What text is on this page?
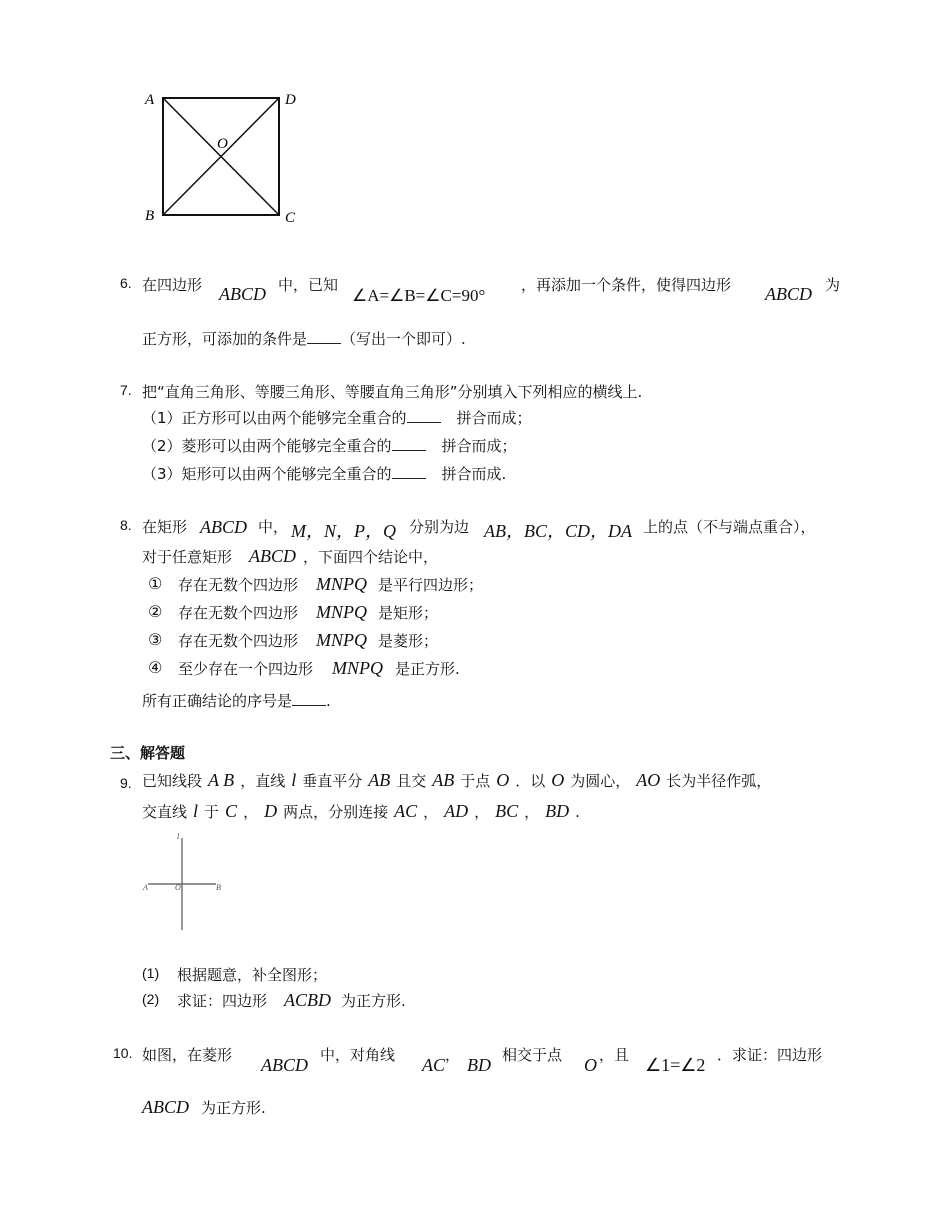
A	D
B	C
O
6. 在四边形 ABCD 中，已知
∠A=∠B=∠C=90°
，再添加一个条件，使得四边形 ABCD 为
正方形，可添加的条件是 （写出一个即可）.
7. 把“直角三角形、等腰三角形、等腰直角三角形”分别填入下列相应的横线上.
（1）正方形可以由两个能够完全重合的	拼合而成；
（2）菱形可以由两个能够完全重合的	拼合而成；
（3）矩形可以由两个能够完全重合的	拼合而成.
8. 在矩形 ABCD 中， M，N，P，Q 分别为边 AB，BC，CD，DA 上的点（不与端点重合），
对于任意矩形 ABCD ，下面四个结论中，
① 存在无数个四边形 MNPQ 是平行四边形；
② 存在无数个四边形 MNPQ 是矩形；
③ 存在无数个四边形 MNPQ 是菱形；
④ 至少存在一个四边形 MNPQ 是正方形.
所有正确结论的序号是 .
三、解答题
9. 已知线段 A B ，直线 l 垂直平分 AB 且交 AB 于点 O ．以 O 为圆心， AO 长为半径作弧，
交直线 l 于 C ， D 两点，分别连接 AC ， AD ， BC ， BD .
l
A	O	B
(1) 根据题意，补全图形；
(2) 求证：四边形 ACBD 为正方形.
10. 如图，在菱形 ABCD 中，对角线 AC ， BD 相交于点 O ，且 ∠1=∠2 ．求证：四边形
ABCD 为正方形.
